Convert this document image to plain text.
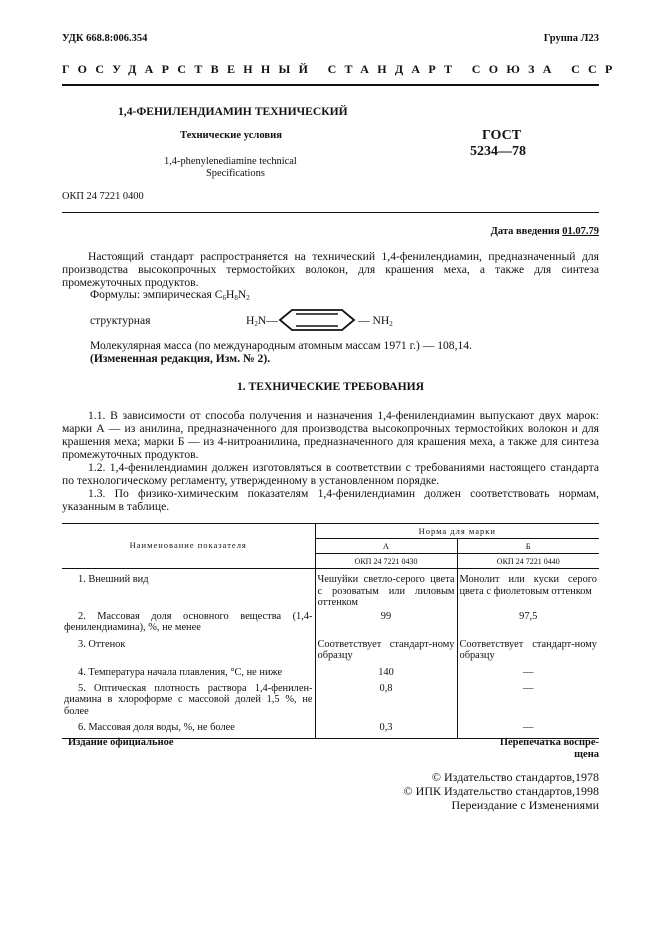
УДК 668.8:006.354	Группа Л23
ГОСУДАРСТВЕННЫЙ СТАНДАРТ СОЮЗА ССР
1,4-ФЕНИЛЕНДИАМИН ТЕХНИЧЕСКИЙ
Технические условия
1,4-phenylenediamine technical
Specifications
ГОСТ
5234—78
ОКП 24 7221 0400
Дата введения 01.07.79

Настоящий стандарт распространяется на технический 1,4-фенилендиамин, предназначенный для производства высокопрочных термостойких волокон, для крашения меха, а также для синтеза промежуточных продуктов.

Формулы: эмпирическая $C_6H_8N_2$
структурная	$H_2N—$	— $NH_2$
Молекулярная масса (по международным атомным массам 1971 г.) — 108,14.
(Измененная редакция, Изм. № 2).
1. ТЕХНИЧЕСКИЕ ТРЕБОВАНИЯ

1.1. В зависимости от способа получения и назначения 1,4-фенилендиамин выпускают двух марок: марки А — из анилина, предназначенного для производства высокопрочных термостойких волокон и для крашения меха; марки Б — из 4-нитроанилина, предназначенного для крашения меха, а также для синтеза промежуточных продуктов.

1.2. 1,4-фенилендиамин должен изготовляться в соответствии с требованиями настоящего стандарта по технологическому регламенту, утвержденному в установленном порядке.

1.3. По физико-химическим показателям 1,4-фенилендиамин должен соответствовать нормам, указанным в таблице.

Наименование показателя	Норма для марки	
	А	Б
	ОКП 24 7221 0430	ОКП 24 7221 0440
1. Внешний вид	Чешуйки светло-серого цвета с розоватым или лиловым оттенком	Монолит или куски серого цвета с фиолетовым оттенком
2. Массовая доля основного вещества (1,4-фенилендиамина), %, не менее	99	97,5
3. Оттенок	Соответствует стандарт-ному образцу	Соответствует стандарт-ному образцу
4. Температура начала плавления, °С, не ниже	140	—
5. Оптическая плотность раствора 1,4-фенилен-диамина в хлороформе с массовой долей 1,5 %, не более	0,8	—
6. Массовая доля воды, %, не более	0,3	—
Издание официальное	Перепечатка воспре-
щена
© Издательство стандартов,1978
© ИПК Издательство стандартов,1998
Переиздание с Изменениями
